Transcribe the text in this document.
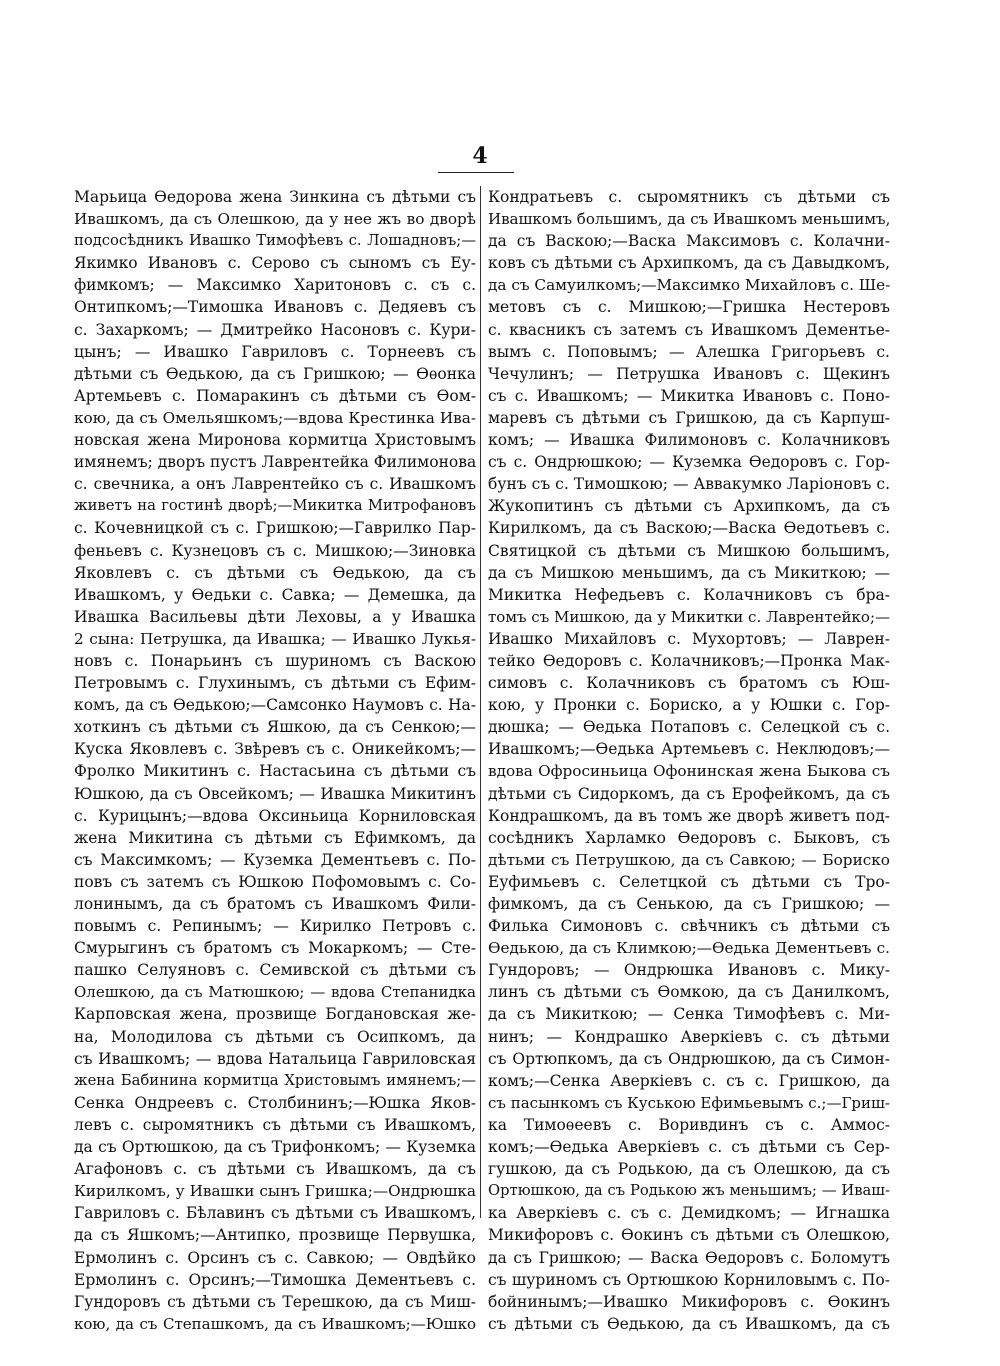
4
Марьица Ѳедорова жена Зинкина съ дѣтьми съ
Ивашкомъ, да съ Олешкою, да у нее жъ во дворѣ
подсосѣдникъ Ивашко Тимофѣевъ с. Лошадновъ;—
Якимко Ивановъ с. Серово съ сыномъ съ Еу-
фимкомъ; — Максимко Харитоновъ с. съ с.
Онтипкомъ;—Тимошка Ивановъ с. Дедяевъ съ
с. Захаркомъ; — Дмитрейко Насоновъ с. Кури-
цынъ; — Ивашко Гавриловъ с. Торнеевъ съ
дѣтьми съ Ѳедькою, да съ Гришкою; — Ѳѳонка
Артемьевъ с. Помаракинъ съ дѣтьми съ Ѳом-
кою, да съ Омельяшкомъ;—вдова Крестинка Ива-
новская жена Миронова кормитца Христовымъ
имянемъ; дворъ пустъ Лаврентейка Филимонова
с. свечника, а онъ Лаврентейко съ с. Ивашкомъ
живетъ на гостинѣ дворѣ;—Микитка Митрофановъ
с. Кочевницкой съ с. Гришкою;—Гаврилко Пар-
феньевъ с. Кузнецовъ съ с. Мишкою;—Зиновка
Яковлевъ с. съ дѣтьми съ Ѳедькою, да съ
Ивашкомъ, у Ѳедьки с. Савка; — Демешка, да
Ивашка Васильевы дѣти Леховы, а у Ивашка
2 сына: Петрушка, да Ивашка; — Ивашко Лукья-
новъ с. Понарьинъ съ шуриномъ съ Васкою
Петровымъ с. Глухинымъ, съ дѣтьми съ Ефим-
комъ, да съ Ѳедькою;—Самсонко Наумовъ с. На-
хоткинъ съ дѣтьми съ Яшкою, да съ Сенкою;—
Куска Яковлевъ с. Звѣревъ съ с. Оникейкомъ;—
Фролко Микитинъ с. Настасьина съ дѣтьми съ
Юшкою, да съ Овсейкомъ; — Ивашка Микитинъ
с. Курицынъ;—вдова Оксиньица Корниловская
жена Микитина съ дѣтьми съ Ефимкомъ, да
съ Максимкомъ; — Куземка Дементьевъ с. По-
повъ съ затемъ съ Юшкою Пофомовымъ с. Со-
лонинымъ, да съ братомъ съ Ивашкомъ Фили-
повымъ с. Репинымъ; — Кирилко Петровъ с.
Смурыгинъ съ братомъ съ Мокаркомъ; — Сте-
пашко Селуяновъ с. Семивской съ дѣтьми съ
Олешкою, да съ Матюшкою; — вдова Степанидка
Карповская жена, прозвище Богдановская же-
на, Молодилова съ дѣтьми съ Осипкомъ, да
съ Ивашкомъ; — вдова Натальица Гавриловская
жена Бабинина кормитца Христовымъ имянемъ;—
Сенка Ондреевъ с. Столбининъ;—Юшка Яков-
левъ с. сыромятникъ съ дѣтьми съ Ивашкомъ,
да съ Ортюшкою, да съ Трифонкомъ; — Куземка
Агафоновъ с. съ дѣтьми съ Ивашкомъ, да съ
Кирилкомъ, у Ивашки сынъ Гришка;—Ондрюшка
Гавриловъ с. Бѣлавинъ съ дѣтьми съ Ивашкомъ,
да съ Яшкомъ;—Антипко, прозвище Первушка,
Ермолинъ с. Орсинъ съ с. Савкою; — Овдѣйко
Ермолинъ с. Орсинъ;—Тимошка Дементьевъ с.
Гундоровъ съ дѣтьми съ Терешкою, да съ Миш-
кою, да съ Степашкомъ, да съ Ивашкомъ;—Юшко
Кондратьевъ с. сыромятникъ съ дѣтьми съ
Ивашкомъ большимъ, да съ Ивашкомъ меньшимъ,
да съ Васкою;—Васка Максимовъ с. Колачни-
ковъ съ дѣтьми съ Архипкомъ, да съ Давыдкомъ,
да съ Самуилкомъ;—Максимко Михайловъ с. Ше-
метовъ съ с. Мишкою;—Гришка Нестеровъ
с. квасникъ съ затемъ съ Ивашкомъ Дементье-
вымъ с. Поповымъ; — Алешка Григорьевъ с.
Чечулинъ; — Петрушка Ивановъ с. Щекинъ
съ с. Ивашкомъ; — Микитка Ивановъ с. Поно-
маревъ съ дѣтьми съ Гришкою, да съ Карпуш-
комъ; — Ивашка Филимоновъ с. Колачниковъ
съ с. Ондрюшкою; — Куземка Ѳедоровъ с. Гор-
бунъ съ с. Тимошкою; — Аввакумко Ларіоновъ с.
Жукопитинъ съ дѣтьми съ Архипкомъ, да съ
Кирилкомъ, да съ Васкою;—Васка Ѳедотьевъ с.
Святицкой съ дѣтьми съ Мишкою большимъ,
да съ Мишкою меньшимъ, да съ Микиткою; —
Микитка Нефедьевъ с. Колачниковъ съ бра-
томъ съ Мишкою, да у Микитки с. Лаврентейко;—
Ивашко Михайловъ с. Мухортовъ; — Лаврен-
тейко Ѳедоровъ с. Колачниковъ;—Пронка Мак-
симовъ с. Колачниковъ съ братомъ съ Юш-
кою, у Пронки с. Бориско, а у Юшки с. Гор-
дюшка; — Ѳедька Потаповъ с. Селецкой съ с.
Ивашкомъ;—Ѳедька Артемьевъ с. Неклюдовъ;—
вдова Офросиньица Офонинская жена Быкова съ
дѣтьми съ Сидоркомъ, да съ Ерофейкомъ, да съ
Кондрашкомъ, да въ томъ же дворѣ живетъ под-
сосѣдникъ Харламко Ѳедоровъ с. Быковъ, съ
дѣтьми съ Петрушкою, да съ Савкою; — Бориско
Еуфимьевъ с. Селетцкой съ дѣтьми съ Тро-
фимкомъ, да съ Сенькою, да съ Гришкою; —
Филька Симоновъ с. свѣчникъ съ дѣтьми съ
Ѳедькою, да съ Климкою;—Ѳедька Дементьевъ с.
Гундоровъ; — Ондрюшка Ивановъ с. Мику-
линъ съ дѣтьми съ Ѳомкою, да съ Данилкомъ,
да съ Микиткою; — Сенка Тимофѣевъ с. Ми-
нинъ; — Кондрашко Аверкіевъ с. съ дѣтьми
съ Ортюпкомъ, да съ Ондрюшкою, да съ Симон-
комъ;—Сенка Аверкіевъ с. съ с. Гришкою, да
съ пасынкомъ съ Куською Ефимьевымъ с.;—Гриш-
ка Тимоѳеевъ с. Воривдинъ съ с. Аммос-
комъ;—Ѳедька Аверкіевъ с. съ дѣтьми съ Сер-
гушкою, да съ Родькою, да съ Олешкою, да съ
Ортюшкою, да съ Родькою жъ меньшимъ; — Иваш-
ка Аверкіевъ с. съ с. Демидкомъ; — Игнашка
Микифоровъ с. Ѳокинъ съ дѣтьми съ Олешкою,
да съ Гришкою; — Васка Ѳедоровъ с. Боломутъ
съ шуриномъ съ Ортюшкою Корниловымъ с. По-
бойнинымъ;—Ивашко Микифоровъ с. Ѳокинъ
съ дѣтьми съ Ѳедькою, да съ Ивашкомъ, да съ
